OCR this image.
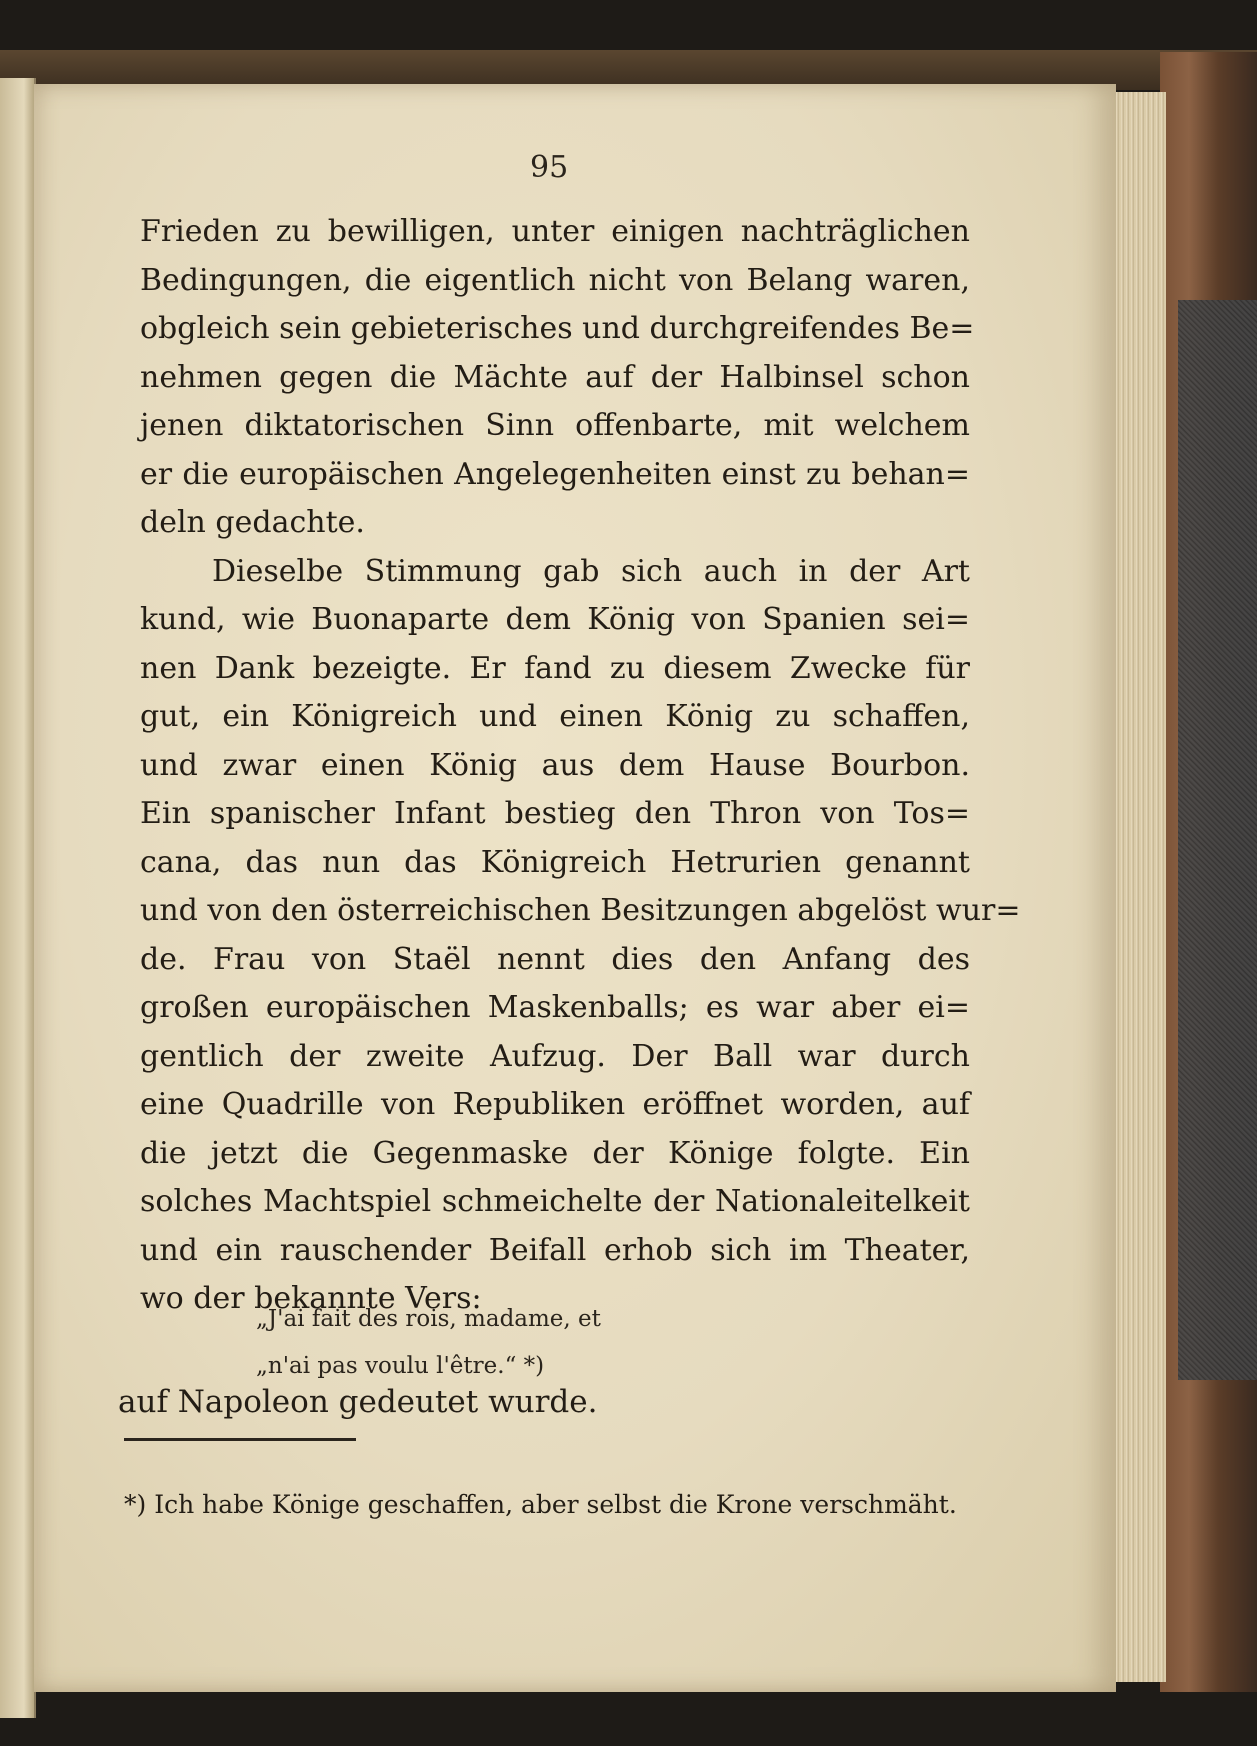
95
Frieden zu bewilligen, unter einigen nachträglichen
Bedingungen, die eigentlich nicht von Belang waren,
obgleich sein gebieterisches und durchgreifendes Be=
nehmen gegen die Mächte auf der Halbinsel schon
jenen diktatorischen Sinn offenbarte, mit welchem
er die europäischen Angelegenheiten einst zu behan=
deln gedachte.
Dieselbe Stimmung gab sich auch in der Art
kund, wie Buonaparte dem König von Spanien sei=
nen Dank bezeigte. Er fand zu diesem Zwecke für
gut, ein Königreich und einen König zu schaffen,
und zwar einen König aus dem Hause Bourbon.
Ein spanischer Infant bestieg den Thron von Tos=
cana, das nun das Königreich Hetrurien genannt
und von den österreichischen Besitzungen abgelöst wur=
de. Frau von Staël nennt dies den Anfang des
großen europäischen Maskenballs; es war aber ei=
gentlich der zweite Aufzug. Der Ball war durch
eine Quadrille von Republiken eröffnet worden, auf
die jetzt die Gegenmaske der Könige folgte. Ein
solches Machtspiel schmeichelte der Nationaleitelkeit
und ein rauschender Beifall erhob sich im Theater,
wo der bekannte Vers:
„J'ai fait des rois, madame, et
„n'ai pas voulu l'être.“ *)
auf Napoleon gedeutet wurde.
*) Ich habe Könige geschaffen, aber selbst die Krone verschmäht.
